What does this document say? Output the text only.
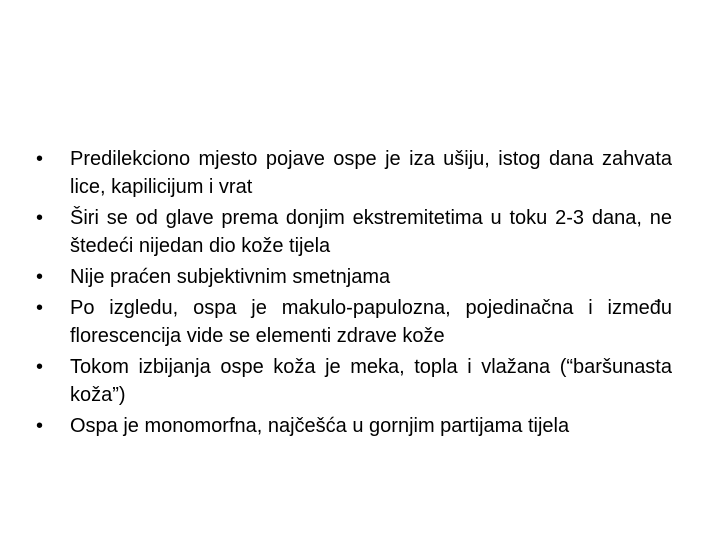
•	Predilekciono mjesto pojave ospe je iza ušiju, istog dana zahvata lice, kapilicijum i vrat
•	Širi se od glave prema donjim ekstremitetima u toku 2-3 dana, ne štedeći nijedan dio kože tijela
•	Nije praćen subjektivnim smetnjama
•	Po izgledu, ospa je makulo-papulozna, pojedinačna i između florescencija vide se elementi zdrave kože
•	Tokom izbijanja ospe koža je meka, topla i vlažana (“baršunasta koža”)
•	Ospa je monomorfna, najčešća u gornjim partijama tijela
